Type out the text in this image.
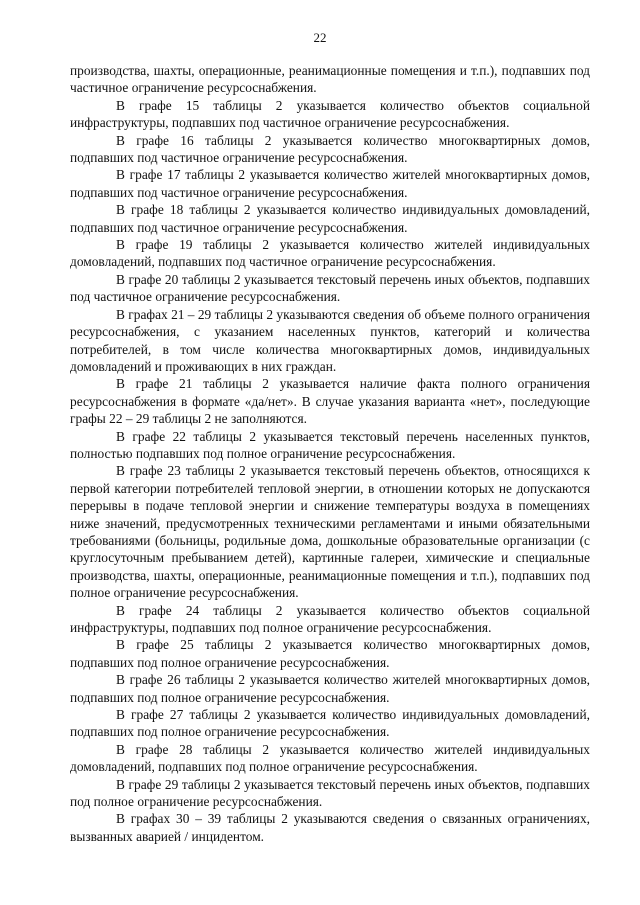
22

производства, шахты, операционные, реанимационные помещения и т.п.), подпавших под частичное ограничение ресурсоснабжения.

В графе 15 таблицы 2 указывается количество объектов социальной инфраструктуры, подпавших под частичное ограничение ресурсоснабжения.

В графе 16 таблицы 2 указывается количество многоквартирных домов, подпавших под частичное ограничение ресурсоснабжения.

В графе 17 таблицы 2 указывается количество жителей многоквартирных домов, подпавших под частичное ограничение ресурсоснабжения.

В графе 18 таблицы 2 указывается количество индивидуальных домовладений, подпавших под частичное ограничение ресурсоснабжения.

В графе 19 таблицы 2 указывается количество жителей индивидуальных домовладений, подпавших под частичное ограничение ресурсоснабжения.

В графе 20 таблицы 2 указывается текстовый перечень иных объектов, подпавших под частичное ограничение ресурсоснабжения.

В графах 21 – 29 таблицы 2 указываются сведения об объеме полного ограничения ресурсоснабжения, с указанием населенных пунктов, категорий и количества потребителей, в том числе количества многоквартирных домов, индивидуальных домовладений и проживающих в них граждан.

В графе 21 таблицы 2 указывается наличие факта полного ограничения ресурсоснабжения в формате «да/нет». В случае указания варианта «нет», последующие графы 22 – 29 таблицы 2 не заполняются.

В графе 22 таблицы 2 указывается текстовый перечень населенных пунктов, полностью подпавших под полное ограничение ресурсоснабжения.

В графе 23 таблицы 2 указывается текстовый перечень объектов, относящихся к первой категории потребителей тепловой энергии, в отношении которых не допускаются перерывы в подаче тепловой энергии и снижение температуры воздуха в помещениях ниже значений, предусмотренных техническими регламентами и иными обязательными требованиями (больницы, родильные дома, дошкольные образовательные организации (с круглосуточным пребыванием детей), картинные галереи, химические и специальные производства, шахты, операционные, реанимационные помещения и т.п.), подпавших под полное ограничение ресурсоснабжения.

В графе 24 таблицы 2 указывается количество объектов социальной инфраструктуры, подпавших под полное ограничение ресурсоснабжения.

В графе 25 таблицы 2 указывается количество многоквартирных домов, подпавших под полное ограничение ресурсоснабжения.

В графе 26 таблицы 2 указывается количество жителей многоквартирных домов, подпавших под полное ограничение ресурсоснабжения.

В графе 27 таблицы 2 указывается количество индивидуальных домовладений, подпавших под полное ограничение ресурсоснабжения.

В графе 28 таблицы 2 указывается количество жителей индивидуальных домовладений, подпавших под полное ограничение ресурсоснабжения.

В графе 29 таблицы 2 указывается текстовый перечень иных объектов, подпавших под полное ограничение ресурсоснабжения.

В графах 30 – 39 таблицы 2 указываются сведения о связанных ограничениях, вызванных аварией / инцидентом.
